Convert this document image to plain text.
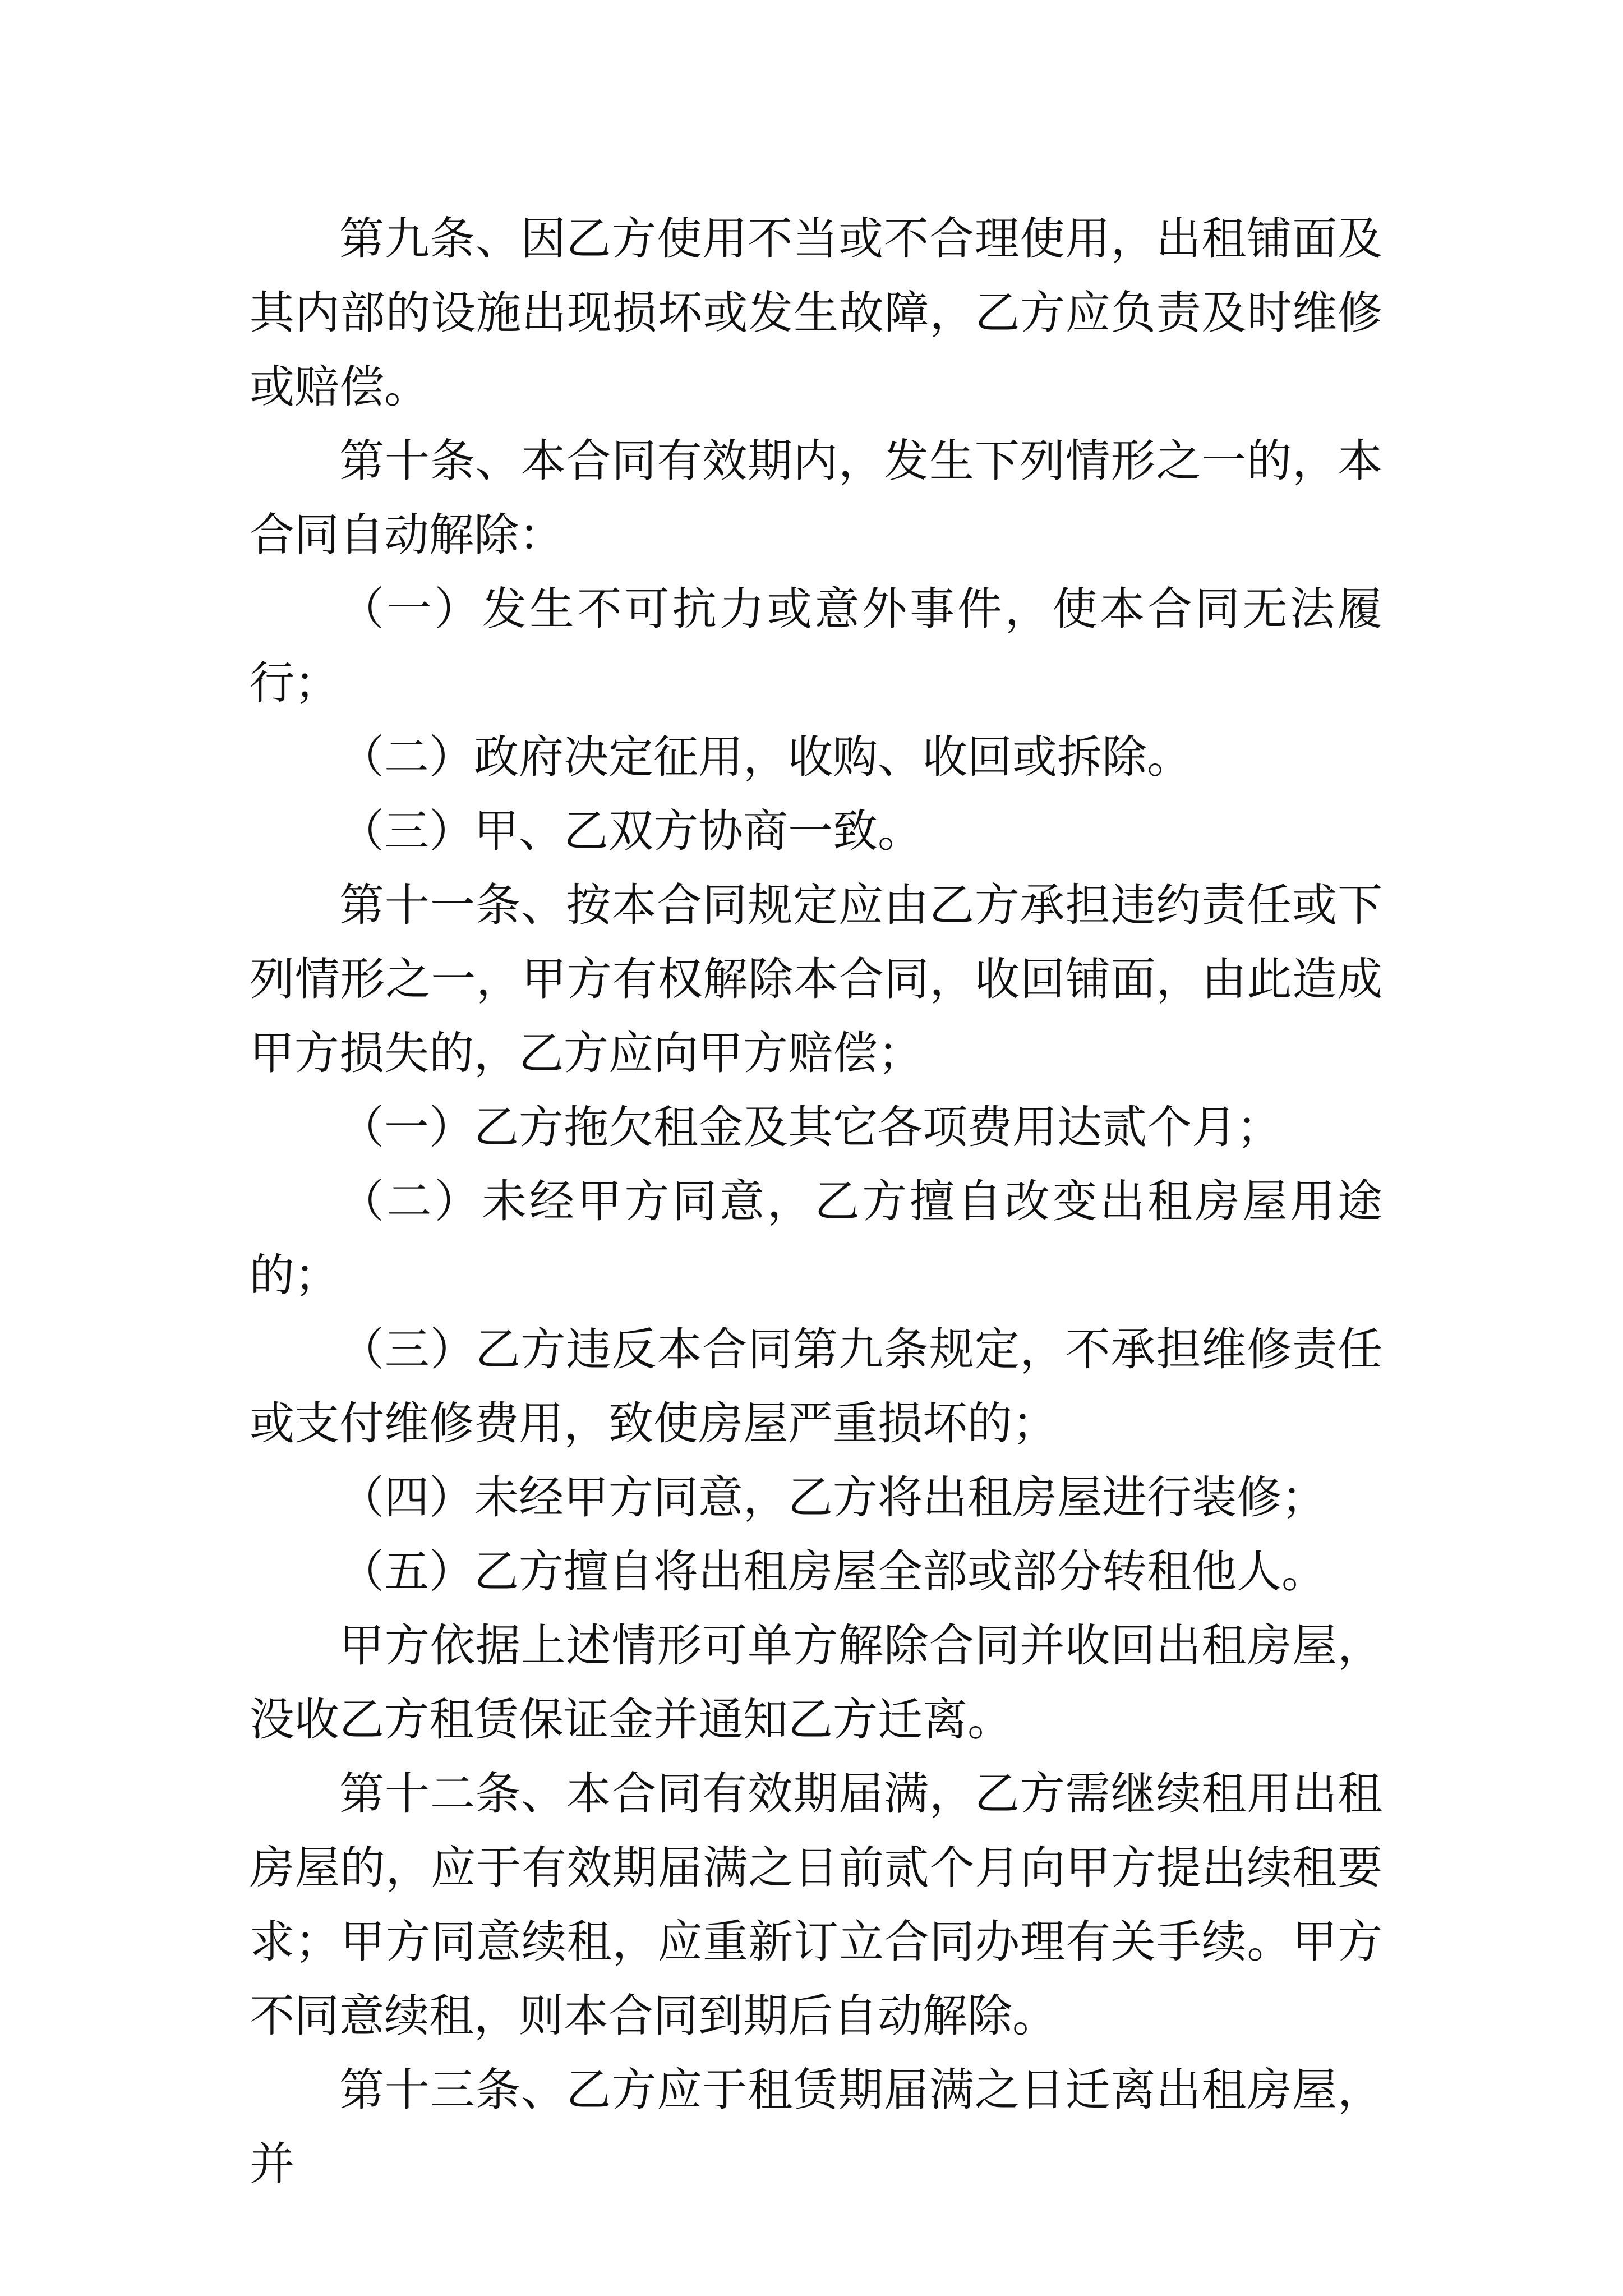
第九条、因乙方使用不当或不合理使用，出租铺面及其内部的设施出现损坏或发生故障，乙方应负责及时维修或赔偿。

第十条、本合同有效期内，发生下列情形之一的，本合同自动解除：

（一）发生不可抗力或意外事件，使本合同无法履行；

（二）政府决定征用，收购、收回或拆除。

（三）甲、乙双方协商一致。

第十一条、按本合同规定应由乙方承担违约责任或下列情形之一，甲方有权解除本合同，收回铺面，由此造成甲方损失的，乙方应向甲方赔偿；

（一）乙方拖欠租金及其它各项费用达贰个月；

（二）未经甲方同意，乙方擅自改变出租房屋用途的；

（三）乙方违反本合同第九条规定，不承担维修责任或支付维修费用，致使房屋严重损坏的；

（四）未经甲方同意，乙方将出租房屋进行装修；

（五）乙方擅自将出租房屋全部或部分转租他人。

甲方依据上述情形可单方解除合同并收回出租房屋，没收乙方租赁保证金并通知乙方迁离。

第十二条、本合同有效期届满，乙方需继续租用出租房屋的，应于有效期届满之日前贰个月向甲方提出续租要求；甲方同意续租，应重新订立合同办理有关手续。甲方不同意续租，则本合同到期后自动解除。

第十三条、乙方应于租赁期届满之日迁离出租房屋，并
